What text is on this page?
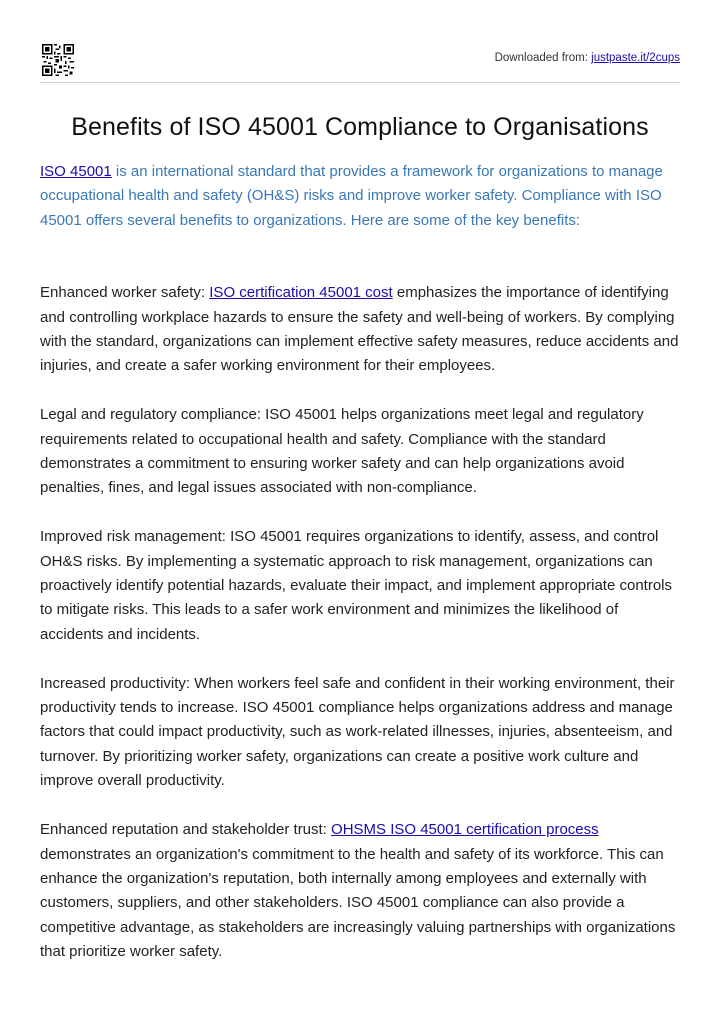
Downloaded from: justpaste.it/2cups
Benefits of ISO 45001 Compliance to Organisations

ISO 45001 is an international standard that provides a framework for organizations to manage occupational health and safety (OH&S) risks and improve worker safety. Compliance with ISO 45001 offers several benefits to organizations. Here are some of the key benefits:

Enhanced worker safety: ISO certification 45001 cost emphasizes the importance of identifying and controlling workplace hazards to ensure the safety and well-being of workers. By complying with the standard, organizations can implement effective safety measures, reduce accidents and injuries, and create a safer working environment for their employees.

Legal and regulatory compliance: ISO 45001 helps organizations meet legal and regulatory requirements related to occupational health and safety. Compliance with the standard demonstrates a commitment to ensuring worker safety and can help organizations avoid penalties, fines, and legal issues associated with non-compliance.

Improved risk management: ISO 45001 requires organizations to identify, assess, and control OH&S risks. By implementing a systematic approach to risk management, organizations can proactively identify potential hazards, evaluate their impact, and implement appropriate controls to mitigate risks. This leads to a safer work environment and minimizes the likelihood of accidents and incidents.

Increased productivity: When workers feel safe and confident in their working environment, their productivity tends to increase. ISO 45001 compliance helps organizations address and manage factors that could impact productivity, such as work-related illnesses, injuries, absenteeism, and turnover. By prioritizing worker safety, organizations can create a positive work culture and improve overall productivity.

Enhanced reputation and stakeholder trust: OHSMS ISO 45001 certification process demonstrates an organization's commitment to the health and safety of its workforce. This can enhance the organization's reputation, both internally among employees and externally with customers, suppliers, and other stakeholders. ISO 45001 compliance can also provide a competitive advantage, as stakeholders are increasingly valuing partnerships with organizations that prioritize worker safety.
